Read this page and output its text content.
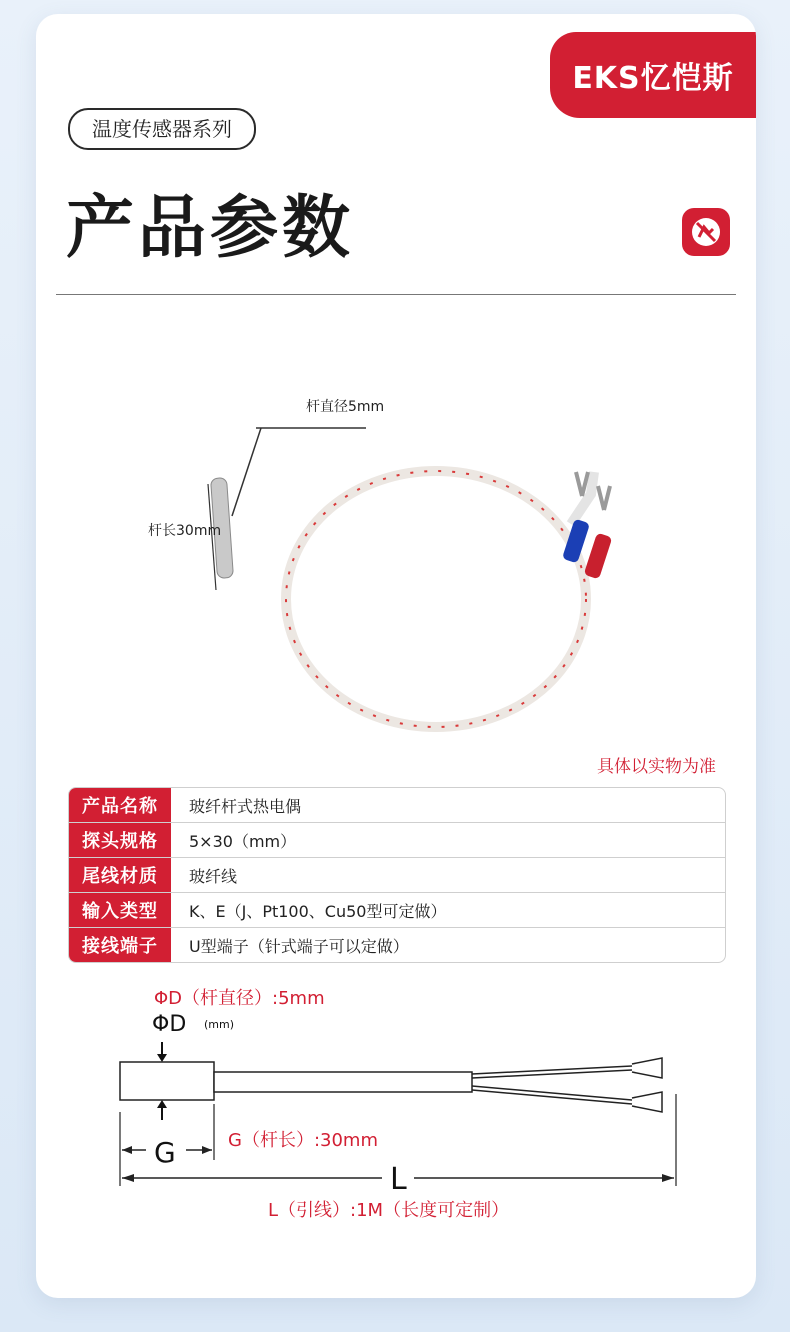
EKS忆恺斯
温度传感器系列
产品参数
杆直径5mm
杆长30mm
具体以实物为准
产品名称	玻纤杆式热电偶
探头规格	5×30（mm）
尾线材质	玻纤线
输入类型	K、E（J、Pt100、Cu50型可定做）
接线端子	U型端子（针式端子可以定做）
ΦD（杆直径）:5mm
ΦD (mm)
G	G（杆长）:30mm
L
L（引线）:1M（长度可定制）
